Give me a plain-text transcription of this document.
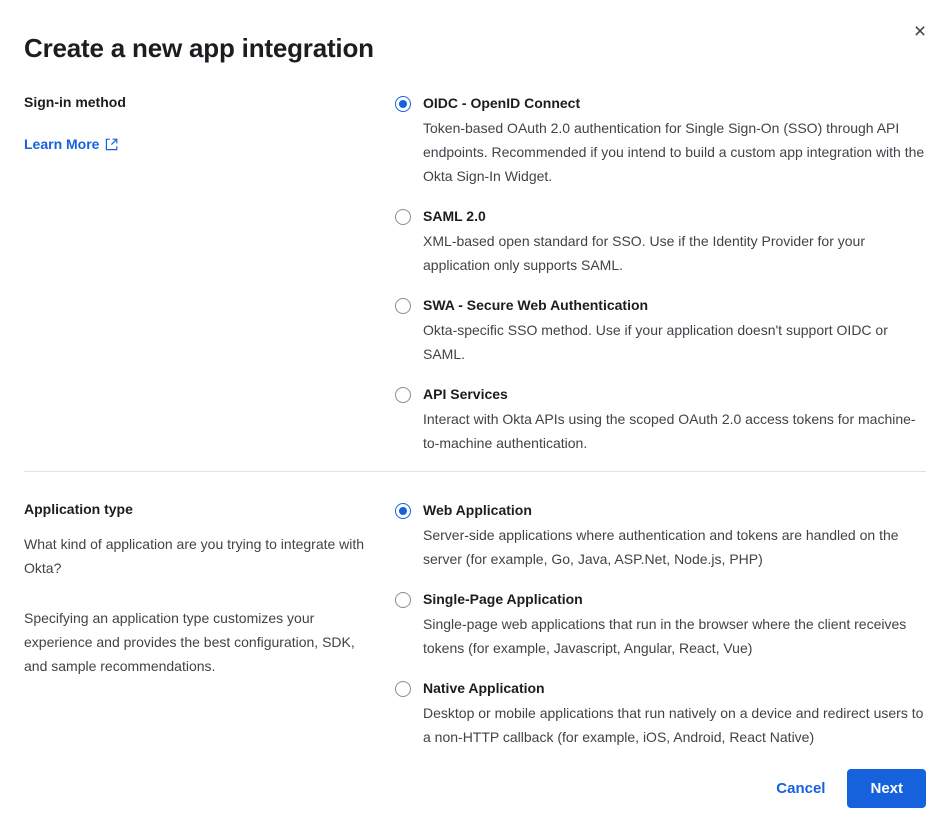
×
Create a new app integration
Sign-in method
Learn More
OIDC - OpenID Connect
Token-based OAuth 2.0 authentication for Single Sign-On (SSO) through API endpoints. Recommended if you intend to build a custom app integration with the Okta Sign-In Widget.
SAML 2.0
XML-based open standard for SSO. Use if the Identity Provider for your application only supports SAML.
SWA - Secure Web Authentication
Okta-specific SSO method. Use if your application doesn't support OIDC or SAML.
API Services
Interact with Okta APIs using the scoped OAuth 2.0 access tokens for machine-to-machine authentication.
Application type

What kind of application are you trying to integrate with Okta?

Specifying an application type customizes your experience and provides the best configuration, SDK, and sample recommendations.

Web Application
Server-side applications where authentication and tokens are handled on the server (for example, Go, Java, ASP.Net, Node.js, PHP)
Single-Page Application
Single-page web applications that run in the browser where the client receives tokens (for example, Javascript, Angular, React, Vue)
Native Application
Desktop or mobile applications that run natively on a device and redirect users to a non-HTTP callback (for example, iOS, Android, React Native)
Cancel	Next
